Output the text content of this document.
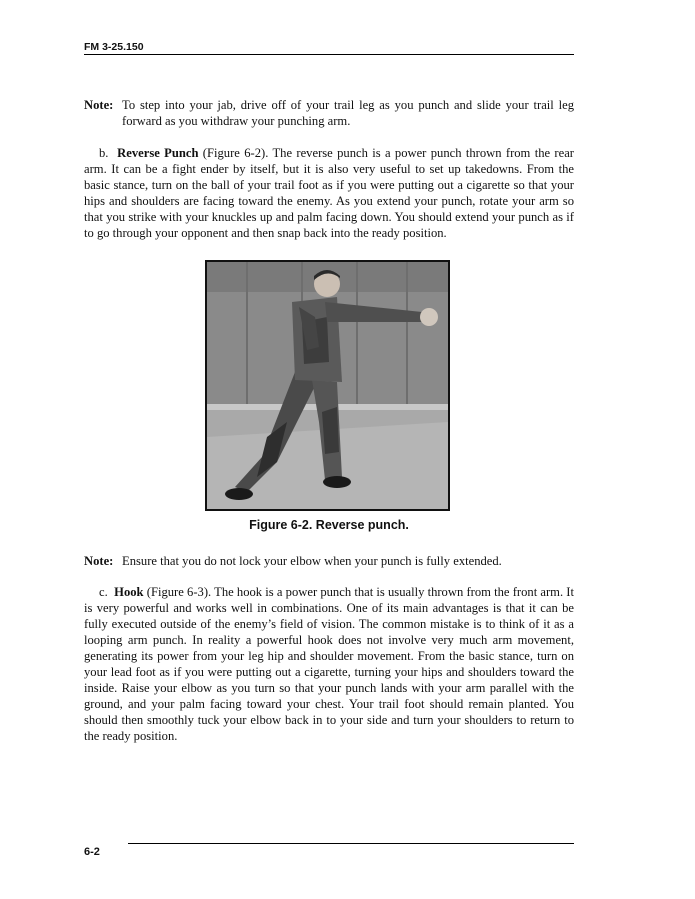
FM 3-25.150
Note: To step into your jab, drive off of your trail leg as you punch and slide your trail leg forward as you withdraw your punching arm.
b. Reverse Punch (Figure 6-2). The reverse punch is a power punch thrown from the rear arm. It can be a fight ender by itself, but it is also very useful to set up takedowns. From the basic stance, turn on the ball of your trail foot as if you were putting out a cigarette so that your hips and shoulders are facing toward the enemy. As you extend your punch, rotate your arm so that you strike with your knuckles up and palm facing down. You should extend your punch as if to go through your opponent and then snap back into the ready position.
Figure 6-2. Reverse punch.
Note: Ensure that you do not lock your elbow when your punch is fully extended.
c. Hook (Figure 6-3). The hook is a power punch that is usually thrown from the front arm. It is very powerful and works well in combinations. One of its main advantages is that it can be fully executed outside of the enemy’s field of vision. The common mistake is to think of it as a looping arm punch. In reality a powerful hook does not involve very much arm movement, generating its power from your leg hip and shoulder movement. From the basic stance, turn on your lead foot as if you were putting out a cigarette, turning your hips and shoulders toward the inside. Raise your elbow as you turn so that your punch lands with your arm parallel with the ground, and your palm facing toward your chest. Your trail foot should remain planted. You should then smoothly tuck your elbow back in to your side and turn your shoulders to return to the ready position.
6-2
